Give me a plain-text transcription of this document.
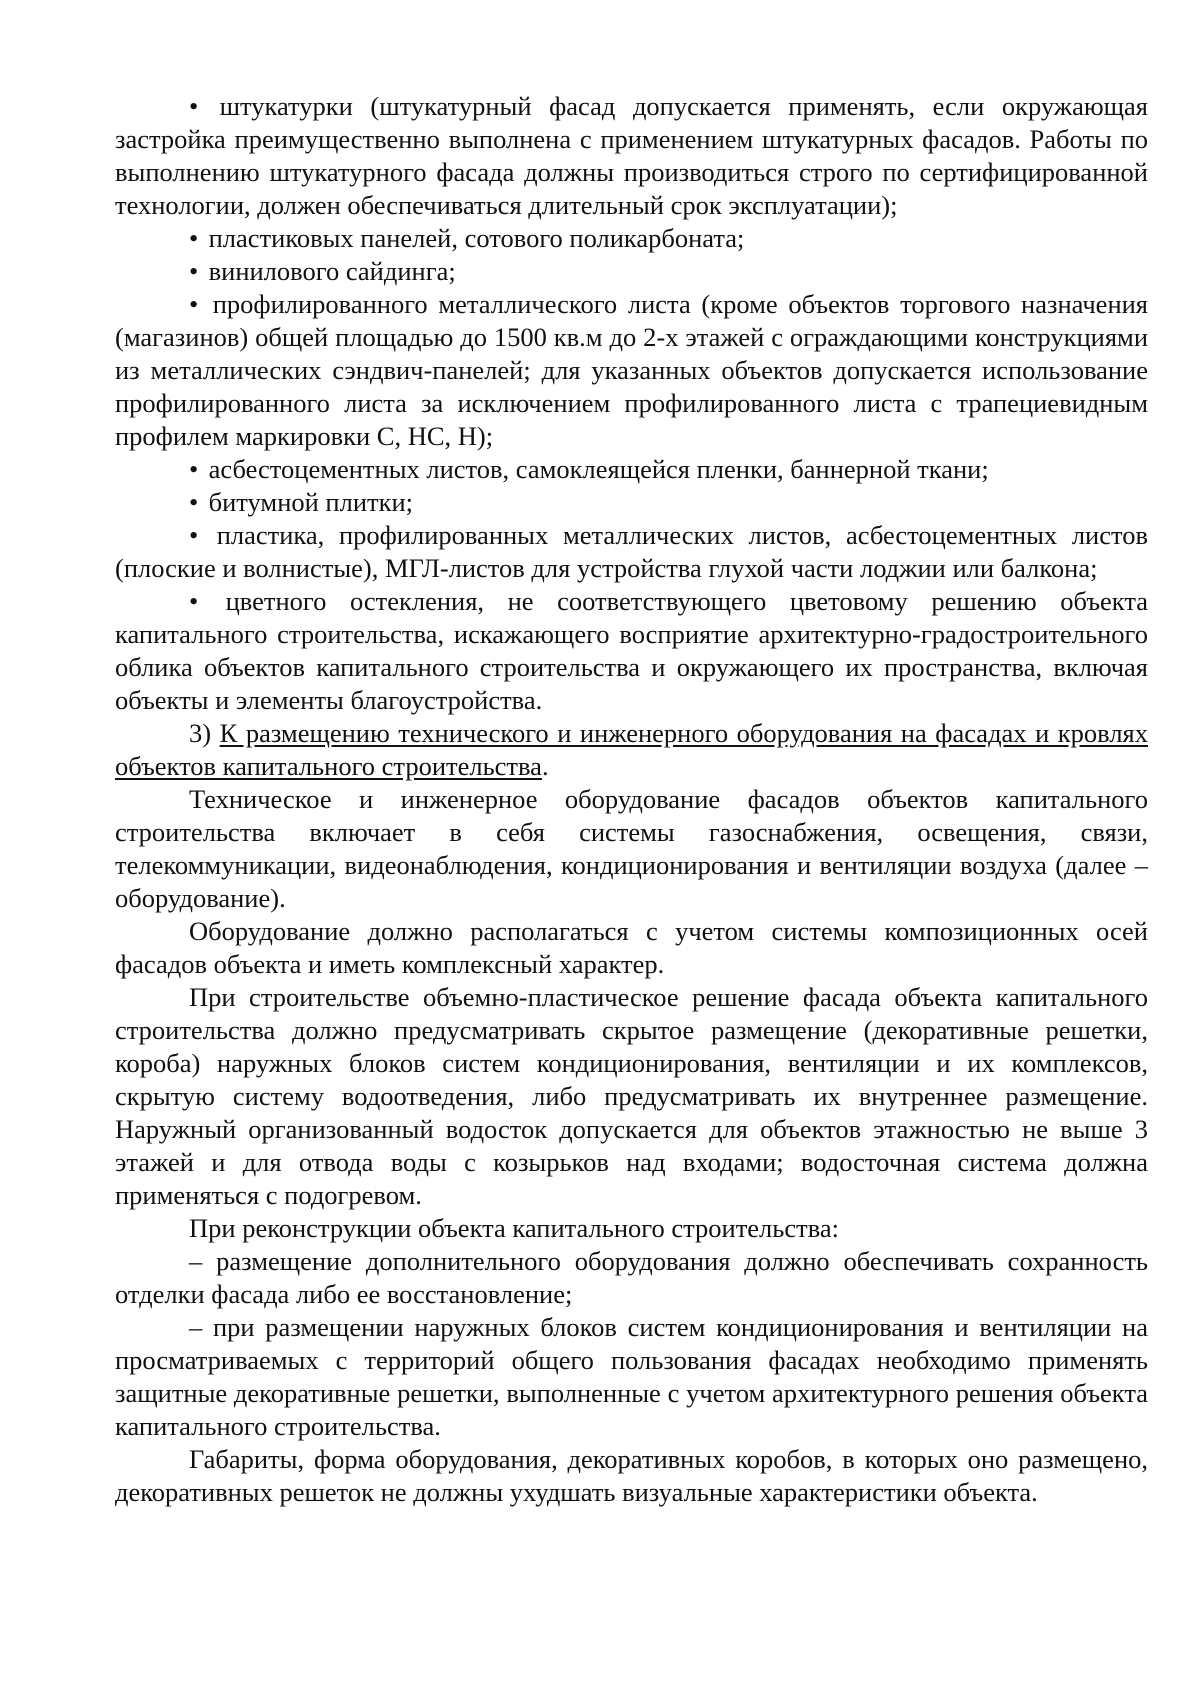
• штукатурки (штукатурный фасад допускается применять, если окружающая застройка преимущественно выполнена с применением штукатурных фасадов. Работы по выполнению штукатурного фасада должны производиться строго по сертифицированной технологии, должен обеспечиваться длительный срок эксплуатации);

• пластиковых панелей, сотового поликарбоната;

• винилового сайдинга;

• профилированного металлического листа (кроме объектов торгового назначения (магазинов) общей площадью до 1500 кв.м до 2-х этажей с ограждающими конструкциями из металлических сэндвич-панелей; для указанных объектов допускается использование профилированного листа за исключением профилированного листа с трапециевидным профилем маркировки С, НС, Н);

• асбестоцементных листов, самоклеящейся пленки, баннерной ткани;

• битумной плитки;

• пластика, профилированных металлических листов, асбестоцементных листов (плоские и волнистые), МГЛ-листов для устройства глухой части лоджии или балкона;

• цветного остекления, не соответствующего цветовому решению объекта капитального строительства, искажающего восприятие архитектурно-градостроительного облика объектов капитального строительства и окружающего их пространства, включая объекты и элементы благоустройства.

3) К размещению технического и инженерного оборудования на фасадах и кровлях объектов капитального строительства.

Техническое и инженерное оборудование фасадов объектов капитального строительства включает в себя системы газоснабжения, освещения, связи, телекоммуникации, видеонаблюдения, кондиционирования и вентиляции воздуха (далее – оборудование).

Оборудование должно располагаться с учетом системы композиционных осей фасадов объекта и иметь комплексный характер.

При строительстве объемно-пластическое решение фасада объекта капитального строительства должно предусматривать скрытое размещение (декоративные решетки, короба) наружных блоков систем кондиционирования, вентиляции и их комплексов, скрытую систему водоотведения, либо предусматривать их внутреннее размещение. Наружный организованный водосток допускается для объектов этажностью не выше 3 этажей и для отвода воды с козырьков над входами; водосточная система должна применяться с подогревом.

При реконструкции объекта капитального строительства:

– размещение дополнительного оборудования должно обеспечивать сохранность отделки фасада либо ее восстановление;

– при размещении наружных блоков систем кондиционирования и вентиляции на просматриваемых с территорий общего пользования фасадах необходимо применять защитные декоративные решетки, выполненные с учетом архитектурного решения объекта капитального строительства.

Габариты, форма оборудования, декоративных коробов, в которых оно размещено, декоративных решеток не должны ухудшать визуальные характеристики объекта.
